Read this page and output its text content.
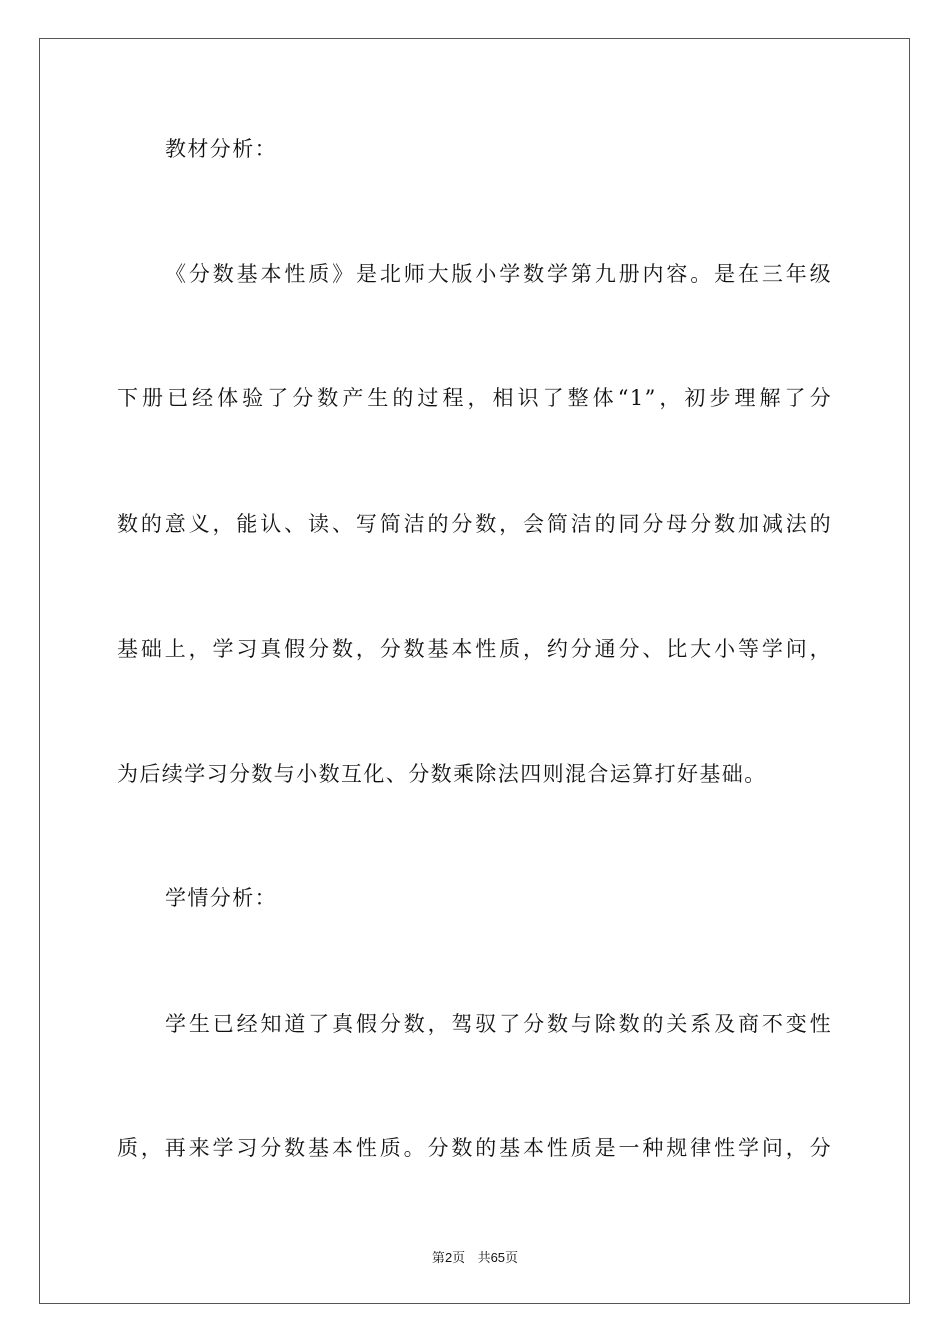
教材分析：
《分数基本性质》是北师大版小学数学第九册内容。是在三年级
下册已经体验了分数产生的过程，相识了整体“1”，初步理解了分
数的意义，能认、读、写简洁的分数，会简洁的同分母分数加减法的
基础上，学习真假分数，分数基本性质，约分通分、比大小等学问，
为后续学习分数与小数互化、分数乘除法四则混合运算打好基础。
学情分析：
学生已经知道了真假分数，驾驭了分数与除数的关系及商不变性
质，再来学习分数基本性质。分数的基本性质是一种规律性学问，分
第2页   共65页
